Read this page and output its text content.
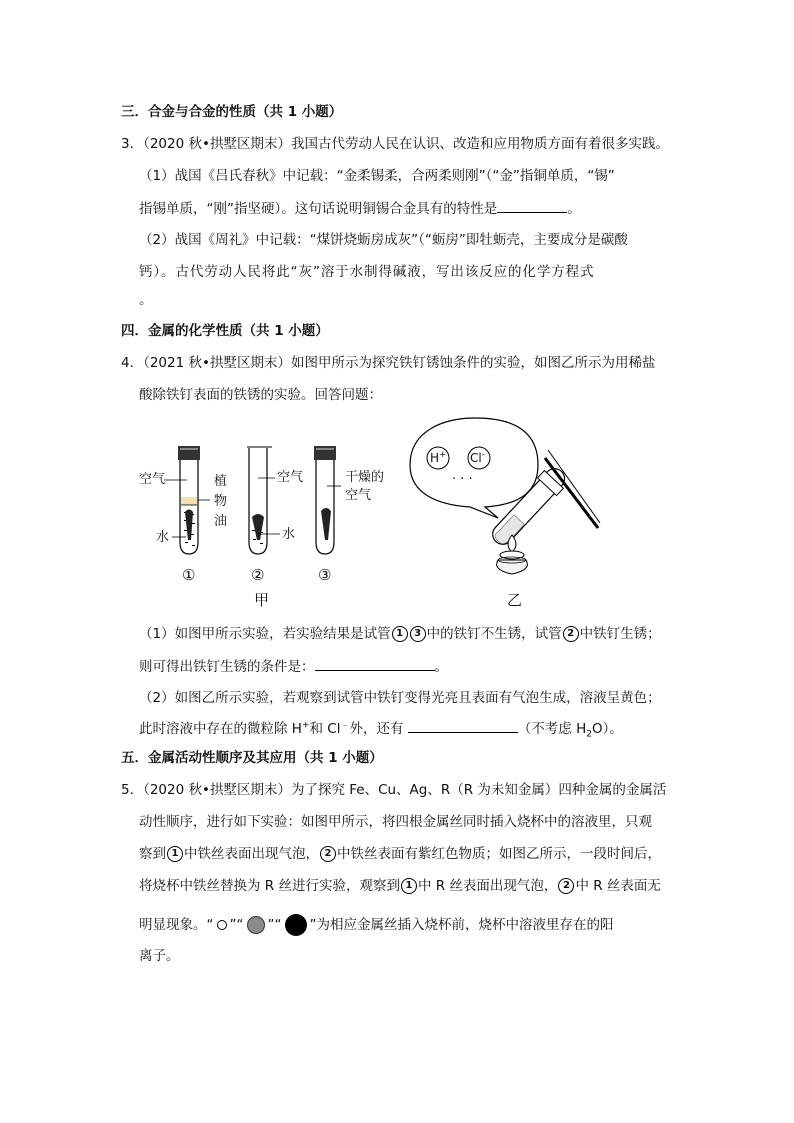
三．合金与合金的性质（共 1 小题）
3．（2020 秋•拱墅区期末）我国古代劳动人民在认识、改造和应用物质方面有着很多实践。
（1）战国《吕氏春秋》中记载：“金柔锡柔，合两柔则刚”（“金”指铜单质，“锡”
指锡单质，“刚”指坚硬）。这句话说明铜锡合金具有的特性是	。
（2）战国《周礼》中记载：“煤饼烧蛎房成灰”（“蛎房”即牡蛎壳，主要成分是碳酸
钙）。古代劳动人民将此“灰”溶于水制得碱液，写出该反应的化学方程式
。
四．金属的化学性质（共 1 小题）
4．（2021 秋•拱墅区期末）如图甲所示为探究铁钉锈蚀条件的实验，如图乙所示为用稀盐
酸除铁钉表面的铁锈的实验。回答问题：
空气	植
物
油
水
空气
水
干燥的
空气
①	②	③
甲	乙
H+ Cl-
· · ·
（1）如图甲所示实验，若实验结果是试管 1 3 中的铁钉不生锈，试管 2 中铁钉生锈；
则可得出铁钉生锈的条件是：	。
（2）如图乙所示实验，若观察到试管中铁钉变得光亮且表面有气泡生成，溶液呈黄色；
此时溶液中存在的微粒除 H+和 Cl﹣外，还有	（不考虑 $H_2O$）。
五．金属活动性顺序及其应用（共 1 小题）
5．（2020 秋•拱墅区期末）为了探究 Fe、Cu、Ag、R（R 为未知金属）四种金属的金属活
动性顺序，进行如下实验：如图甲所示，将四根金属丝同时插入烧杯中的溶液里，只观
察到 1 中铁丝表面出现气泡， 2 中铁丝表面有紫红色物质；如图乙所示，一段时间后，
将烧杯中铁丝替换为 R 丝进行实验，观察到 1 中 R 丝表面出现气泡， 2 中 R 丝表面无
明显现象。“ ”“ ”“ ”为相应金属丝插入烧杯前，烧杯中溶液里存在的阳
离子。
